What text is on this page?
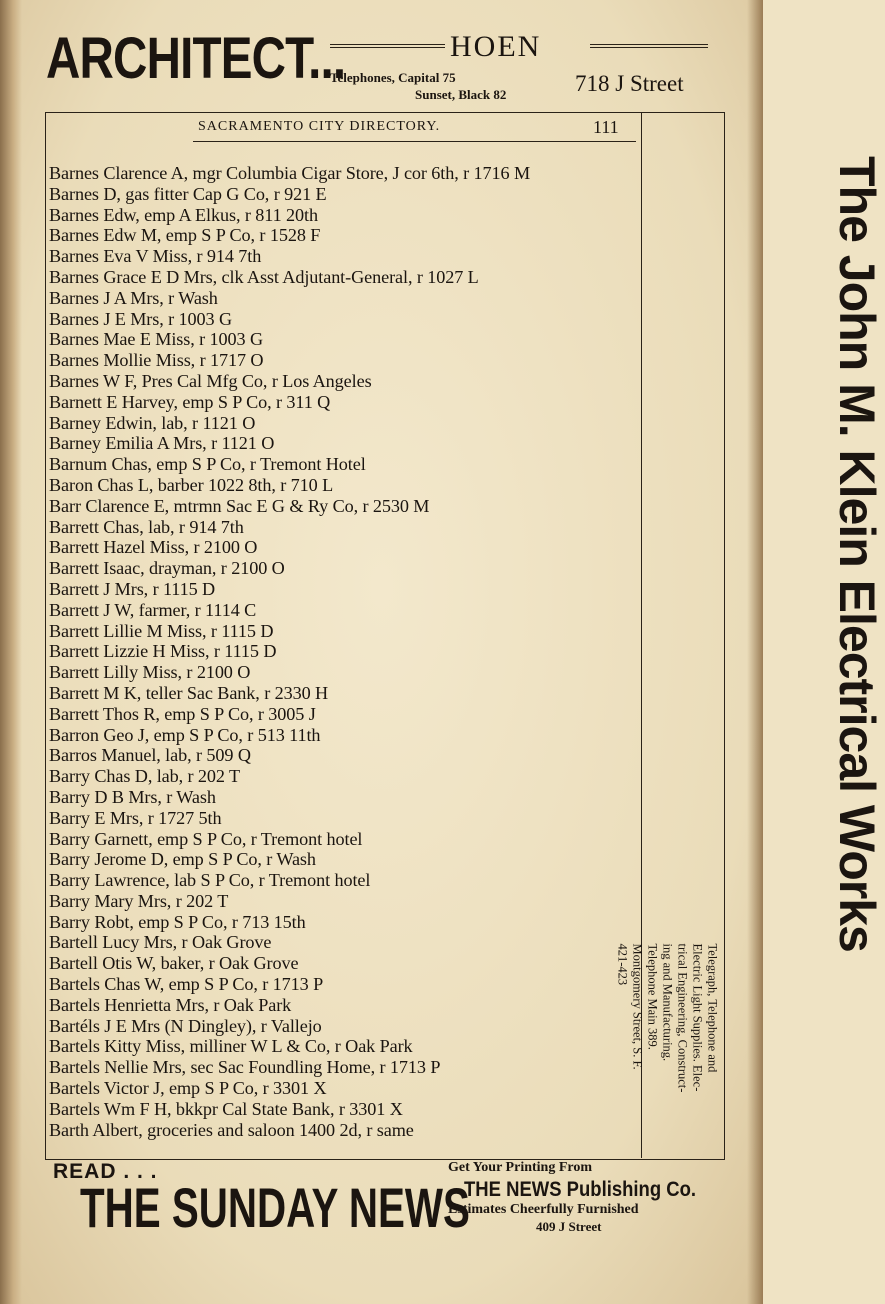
ARCHITECT...	HOEN
Telephones, Capital 75
Sunset, Black 82	718 J Street
SACRAMENTO CITY DIRECTORY.	111
Barnes Clarence A, mgr Columbia Cigar Store, J cor 6th, r 1716 M
Barnes D, gas fitter Cap G Co, r 921 E
Barnes Edw, emp A Elkus, r 811 20th
Barnes Edw M, emp S P Co, r 1528 F
Barnes Eva V Miss, r 914 7th
Barnes Grace E D Mrs, clk Asst Adjutant-General, r 1027 L
Barnes J A Mrs, r Wash
Barnes J E Mrs, r 1003 G
Barnes Mae E Miss, r 1003 G
Barnes Mollie Miss, r 1717 O
Barnes W F, Pres Cal Mfg Co, r Los Angeles
Barnett E Harvey, emp S P Co, r 311 Q
Barney Edwin, lab, r 1121 O
Barney Emilia A Mrs, r 1121 O
Barnum Chas, emp S P Co, r Tremont Hotel
Baron Chas L, barber 1022 8th, r 710 L
Barr Clarence E, mtrmn Sac E G & Ry Co, r 2530 M
Barrett Chas, lab, r 914 7th
Barrett Hazel Miss, r 2100 O
Barrett Isaac, drayman, r 2100 O
Barrett J Mrs, r 1115 D
Barrett J W, farmer, r 1114 C
Barrett Lillie M Miss, r 1115 D
Barrett Lizzie H Miss, r 1115 D
Barrett Lilly Miss, r 2100 O
Barrett M K, teller Sac Bank, r 2330 H
Barrett Thos R, emp S P Co, r 3005 J
Barron Geo J, emp S P Co, r 513 11th
Barros Manuel, lab, r 509 Q
Barry Chas D, lab, r 202 T
Barry D B Mrs, r Wash
Barry E Mrs, r 1727 5th
Barry Garnett, emp S P Co, r Tremont hotel
Barry Jerome D, emp S P Co, r Wash
Barry Lawrence, lab S P Co, r Tremont hotel
Barry Mary Mrs, r 202 T
Barry Robt, emp S P Co, r 713 15th
Bartell Lucy Mrs, r Oak Grove
Bartell Otis W, baker, r Oak Grove
Bartels Chas W, emp S P Co, r 1713 P
Bartels Henrietta Mrs, r Oak Park
Bartéls J E Mrs (N Dingley), r Vallejo
Bartels Kitty Miss, milliner W L & Co, r Oak Park
Bartels Nellie Mrs, sec Sac Foundling Home, r 1713 P
Bartels Victor J, emp S P Co, r 3301 X
Bartels Wm F H, bkkpr Cal State Bank, r 3301 X
Barth Albert, groceries and saloon 1400 2d, r same
The John M. Klein Electrical Works
Telegraph, Telephone and
Electric Light Supplies. Elec-
trical Engineering, Construct-
ing and Manufacturing.
Telephone Main 389.
Montgomery Street, S. F.
421-423
READ . . .
THE SUNDAY NEWS
Get Your Printing From
THE NEWS Publishing Co.
Estimates Cheerfully Furnished
409 J Street
